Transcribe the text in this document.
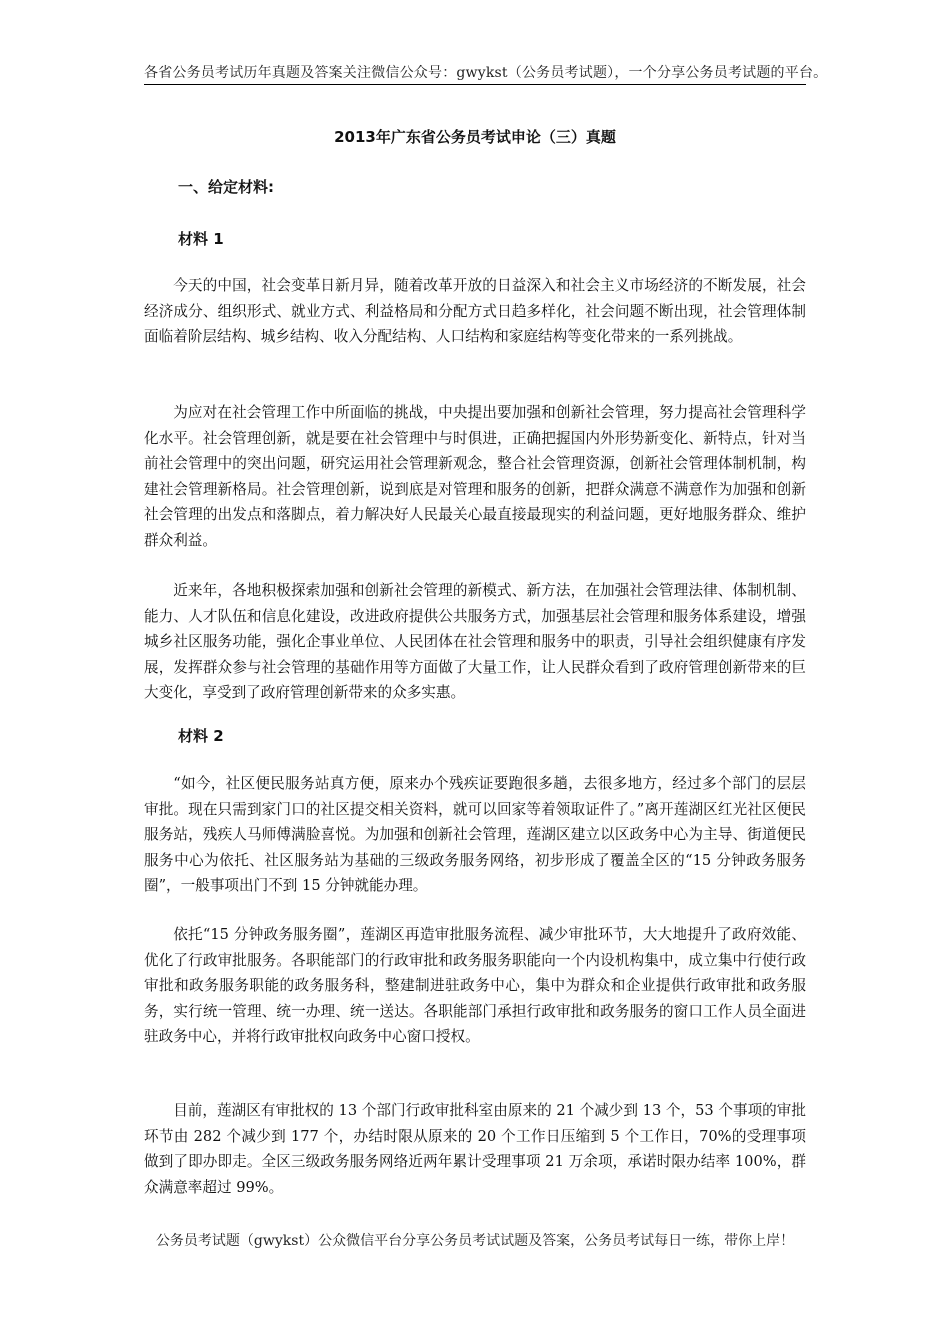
各省公务员考试历年真题及答案关注微信公众号：gwykst（公务员考试题），一个分享公务员考试题的平台。
2013年广东省公务员考试申论（三）真题
一、给定材料:
材料 1

今天的中国，社会变革日新月异，随着改革开放的日益深入和社会主义市场经济的不断发展，社会经济成分、组织形式、就业方式、利益格局和分配方式日趋多样化，社会问题不断出现，社会管理体制面临着阶层结构、城乡结构、收入分配结构、人口结构和家庭结构等变化带来的一系列挑战。

为应对在社会管理工作中所面临的挑战，中央提出要加强和创新社会管理，努力提高社会管理科学化水平。社会管理创新，就是要在社会管理中与时俱进，正确把握国内外形势新变化、新特点，针对当前社会管理中的突出问题，研究运用社会管理新观念，整合社会管理资源，创新社会管理体制机制，构建社会管理新格局。社会管理创新，说到底是对管理和服务的创新，把群众满意不满意作为加强和创新社会管理的出发点和落脚点，着力解决好人民最关心最直接最现实的利益问题，更好地服务群众、维护群众利益。

近来年，各地积极探索加强和创新社会管理的新模式、新方法，在加强社会管理法律、体制机制、能力、人才队伍和信息化建设，改进政府提供公共服务方式，加强基层社会管理和服务体系建设，增强城乡社区服务功能，强化企事业单位、人民团体在社会管理和服务中的职责，引导社会组织健康有序发展，发挥群众参与社会管理的基础作用等方面做了大量工作，让人民群众看到了政府管理创新带来的巨大变化，享受到了政府管理创新带来的众多实惠。

材料 2

“如今，社区便民服务站真方便，原来办个残疾证要跑很多趟，去很多地方，经过多个部门的层层审批。现在只需到家门口的社区提交相关资料，就可以回家等着领取证件了。”离开莲湖区红光社区便民服务站，残疾人马师傅满脸喜悦。为加强和创新社会管理，莲湖区建立以区政务中心为主导、街道便民服务中心为依托、社区服务站为基础的三级政务服务网络，初步形成了覆盖全区的“15 分钟政务服务圈”，一般事项出门不到 15 分钟就能办理。

依托“15 分钟政务服务圈”，莲湖区再造审批服务流程、减少审批环节，大大地提升了政府效能、优化了行政审批服务。各职能部门的行政审批和政务服务职能向一个内设机构集中，成立集中行使行政审批和政务服务职能的政务服务科，整建制进驻政务中心，集中为群众和企业提供行政审批和政务服务，实行统一管理、统一办理、统一送达。各职能部门承担行政审批和政务服务的窗口工作人员全面进驻政务中心，并将行政审批权向政务中心窗口授权。

目前，莲湖区有审批权的 13 个部门行政审批科室由原来的 21 个减少到 13 个，53 个事项的审批环节由 282 个减少到 177 个，办结时限从原来的 20 个工作日压缩到 5 个工作日，70%的受理事项做到了即办即走。全区三级政务服务网络近两年累计受理事项 21 万余项，承诺时限办结率 100%，群众满意率超过 99%。

公务员考试题（gwykst）公众微信平台分享公务员考试试题及答案，公务员考试每日一练，带你上岸！
